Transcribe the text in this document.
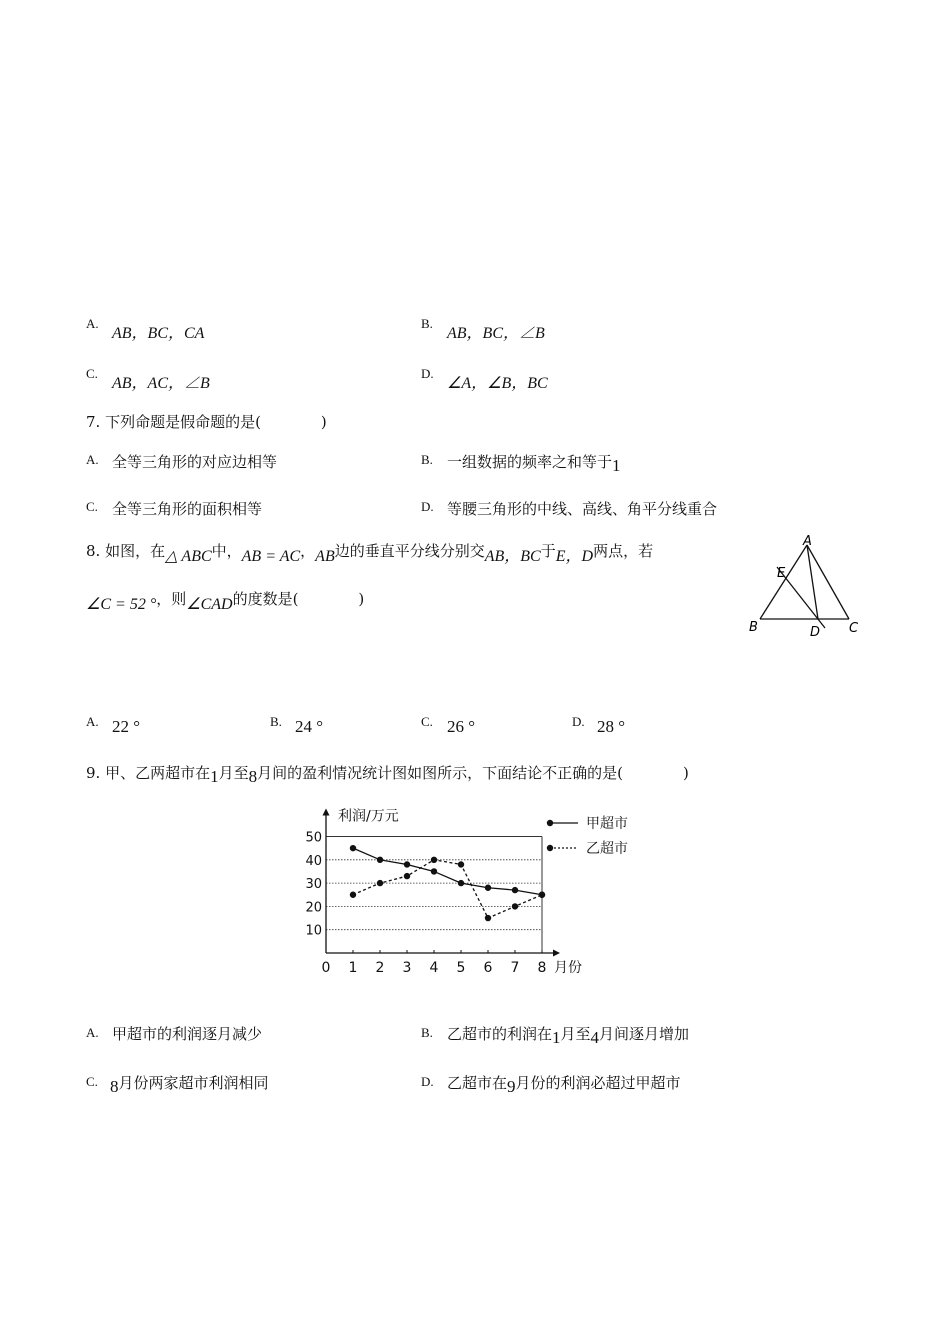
A.
AB，BC，CA
B.
AB，BC，∠B
C.
AB，AC，∠B
D.
∠A，∠B，BC
7. 下列命题是假命题的是(　　　　)
A. 全等三角形的对应边相等	B. 一组数据的频率之和等于1
C. 全等三角形的面积相等	D. 等腰三角形的中线、高线、角平分线重合
8. 如图，在△ ABC中，AB = AC，AB边的垂直平分线分别交AB，BC于E，D两点，若
∠C = 52 °，则∠CAD的度数是(　　　　)
A
B	C
D
E
A. 22 °	B. 24 °	C. 26 °	D. 28 °
9. 甲、乙两超市在1月至8月间的盈利情况统计图如图所示，下面结论不正确的是(　　　　)
10
20
30
40
50
0 1 2 3 4 5 6 7 8 月份
利润/万元	甲超市
乙超市
A. 甲超市的利润逐月减少	B. 乙超市的利润在1月至4月间逐月增加
C. 8月份两家超市利润相同	D. 乙超市在9月份的利润必超过甲超市
